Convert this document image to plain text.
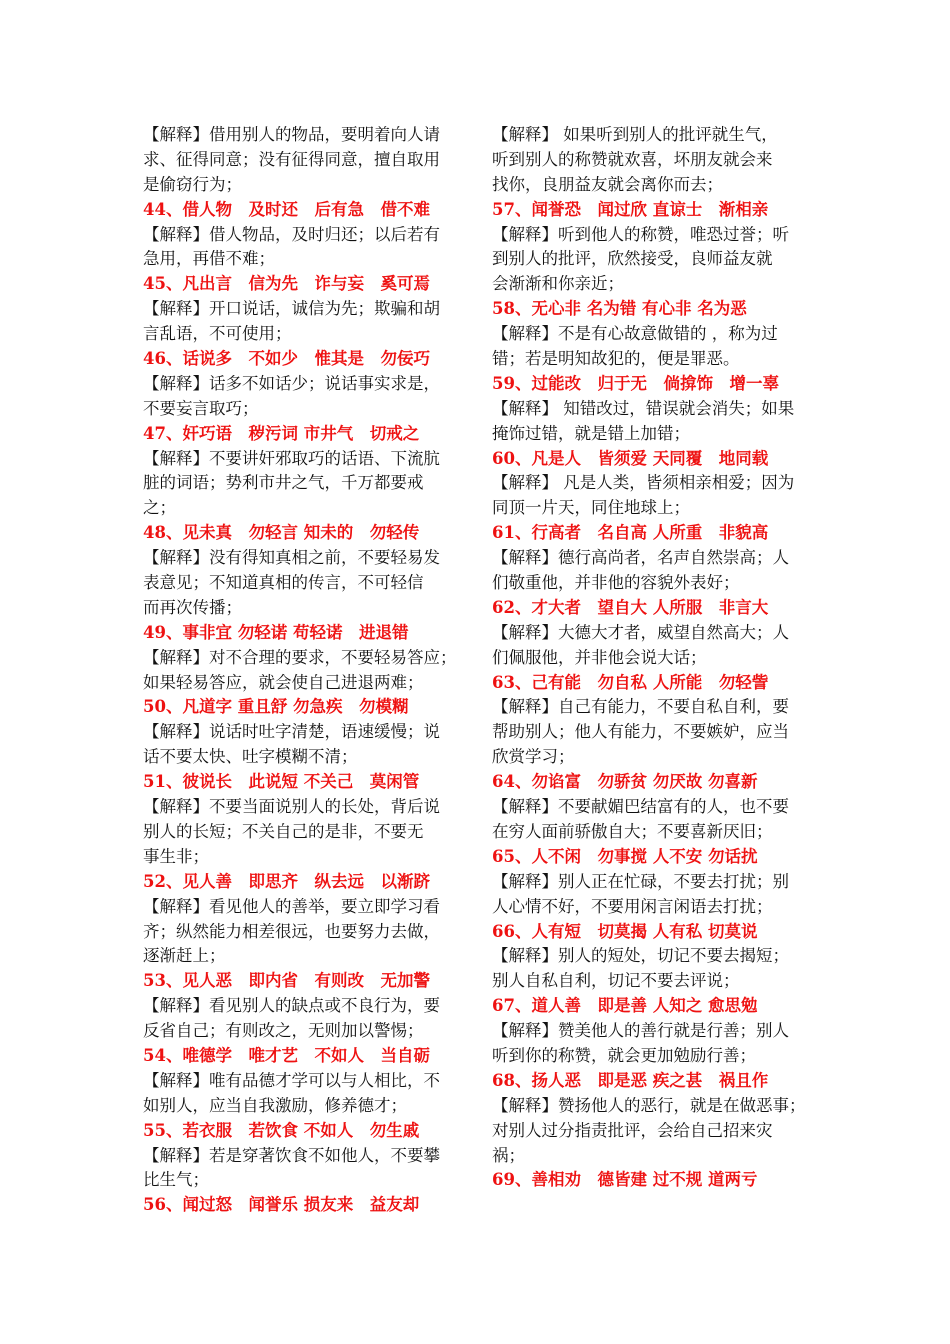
【解释】借用别人的物品，要明着向人请
求、征得同意；没有征得同意，擅自取用
是偷窃行为；
44、借人物　及时还　后有急　借不难
【解释】借人物品，及时归还；以后若有
急用，再借不难；
45、凡出言　信为先　诈与妄　奚可焉
【解释】开口说话，诚信为先；欺骗和胡
言乱语，不可使用；
46、话说多　不如少　惟其是　勿佞巧
【解释】话多不如话少；说话事实求是，
不要妄言取巧；
47、奸巧语　秽污词 市井气　切戒之
【解释】不要讲奸邪取巧的话语、下流肮
脏的词语；势利市井之气，千万都要戒
之；
48、见未真　勿轻言 知未的　勿轻传
【解释】没有得知真相之前，不要轻易发
表意见；不知道真相的传言，不可轻信
而再次传播；
49、事非宜 勿轻诺 苟轻诺　进退错
【解释】对不合理的要求，不要轻易答应；
如果轻易答应，就会使自己进退两难；
50、凡道字 重且舒 勿急疾　勿模糊
【解释】说话时吐字清楚，语速缓慢；说
话不要太快、吐字模糊不清；
51、彼说长　此说短 不关己　莫闲管
【解释】不要当面说别人的长处，背后说
别人的长短；不关自己的是非，不要无
事生非；
52、见人善　即思齐　纵去远　以渐跻
【解释】看见他人的善举，要立即学习看
齐；纵然能力相差很远，也要努力去做，
逐渐赶上；
53、见人恶　即内省　有则改　无加警
【解释】看见别人的缺点或不良行为，要
反省自己；有则改之，无则加以警惕；
54、唯德学　唯才艺　不如人　当自砺
【解释】唯有品德才学可以与人相比，不
如别人，应当自我激励，修养德才；
55、若衣服　若饮食 不如人　勿生戚
【解释】若是穿著饮食不如他人，不要攀
比生气；
56、闻过怒　闻誉乐 损友来　益友却
【解释】 如果听到别人的批评就生气，
听到别人的称赞就欢喜，坏朋友就会来
找你，良朋益友就会离你而去；
57、闻誉恐　闻过欣 直谅士　渐相亲
【解释】听到他人的称赞，唯恐过誉；听
到别人的批评，欣然接受，良师益友就
会渐渐和你亲近；
58、无心非 名为错 有心非 名为恶
【解释】不是有心故意做错的 ，称为过
错；若是明知故犯的，便是罪恶。
59、过能改　归于无　倘揜饰　增一辜
【解释】 知错改过，错误就会消失；如果
掩饰过错，就是错上加错；
60、凡是人　皆须爱 天同覆　地同载
【解释】 凡是人类，皆须相亲相爱；因为
同顶一片天，同住地球上；
61、行高者　名自高 人所重　非貌高
【解释】德行高尚者，名声自然崇高；人
们敬重他，并非他的容貌外表好；
62、才大者　望自大 人所服　非言大
【解释】大德大才者，威望自然高大；人
们佩服他，并非他会说大话；
63、己有能　勿自私 人所能　勿轻訾
【解释】自己有能力，不要自私自利，要
帮助别人；他人有能力，不要嫉妒，应当
欣赏学习；
64、勿谄富　勿骄贫 勿厌故 勿喜新
【解释】不要献媚巴结富有的人，也不要
在穷人面前骄傲自大；不要喜新厌旧；
65、人不闲　勿事搅 人不安 勿话扰
【解释】别人正在忙碌，不要去打扰；别
人心情不好，不要用闲言闲语去打扰；
66、人有短　切莫揭 人有私 切莫说
【解释】别人的短处，切记不要去揭短；
别人自私自利，切记不要去评说；
67、道人善　即是善 人知之 愈思勉
【解释】赞美他人的善行就是行善；别人
听到你的称赞，就会更加勉励行善；
68、扬人恶　即是恶 疾之甚　祸且作
【解释】赞扬他人的恶行，就是在做恶事；
对别人过分指责批评，会给自己招来灾
祸；
69、善相劝　德皆建 过不规 道两亏
